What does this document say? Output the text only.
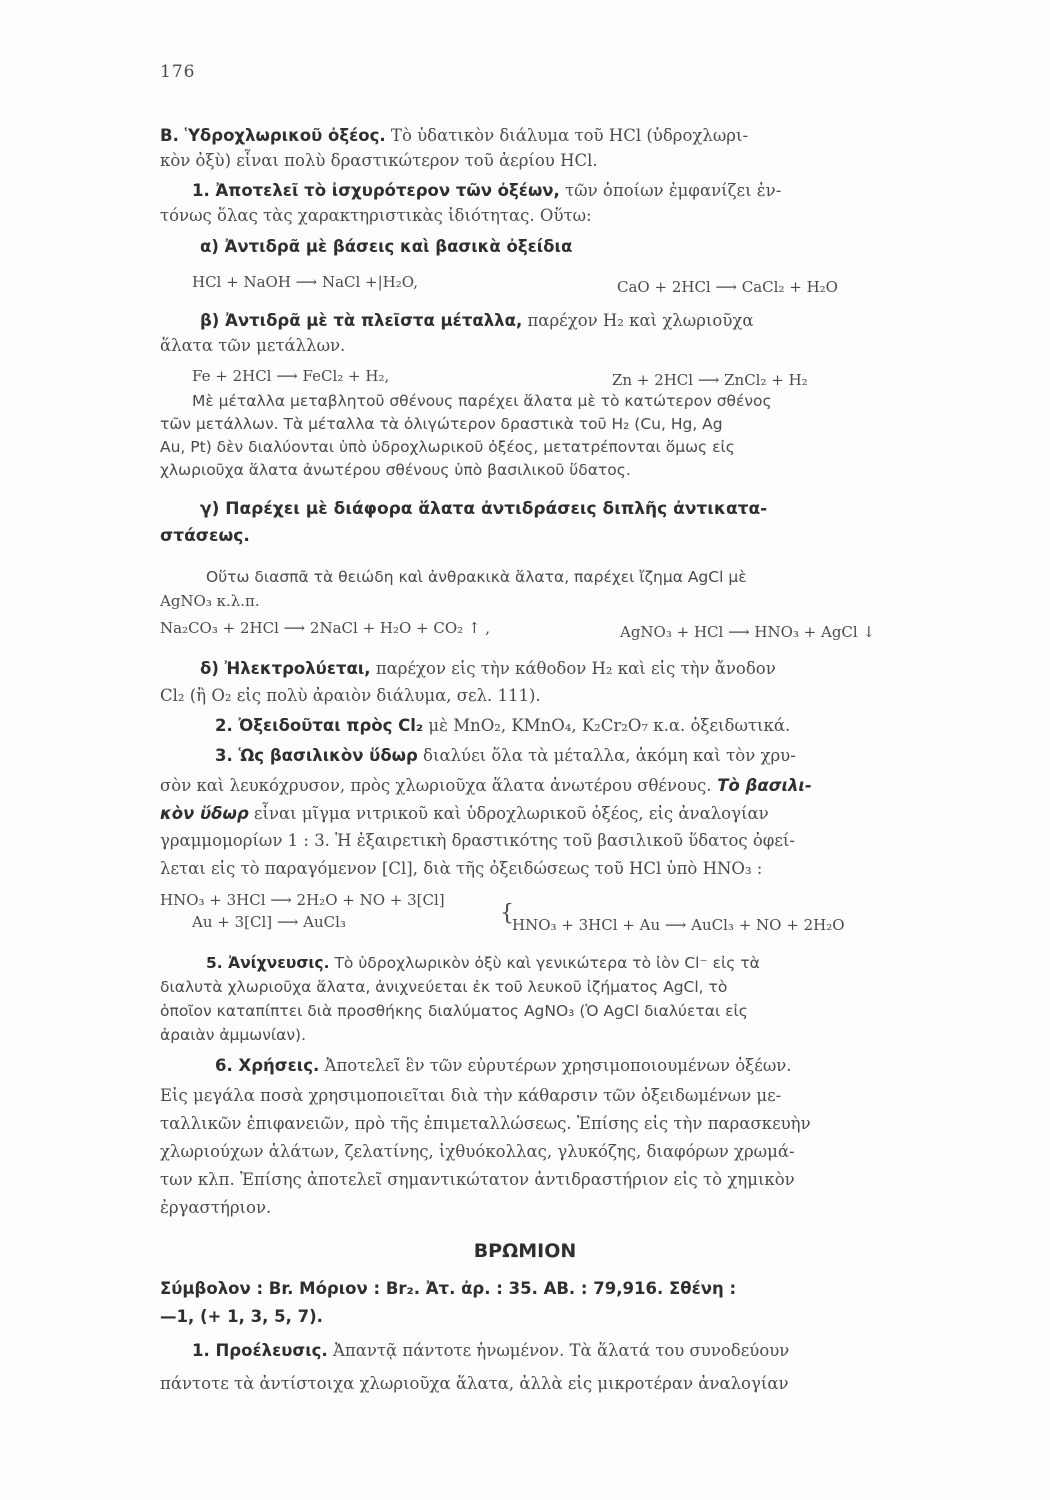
176
Β. Ὑδροχλωρικοῦ ὀξέος. Τὸ ὑδατικὸν διάλυμα τοῦ HCl (ὑδροχλωρι-
κὸν ὀξὺ) εἶναι πολὺ δραστικώτερον τοῦ ἀερίου HCl.
1. Ἀποτελεῖ τὸ ἰσχυρότερον τῶν ὀξέων, τῶν ὁποίων ἐμφανίζει ἐν-
τόνως ὅλας τὰς χαρακτηριστικὰς ἰδιότητας. Οὕτω:
α) Ἀντιδρᾶ μὲ βάσεις καὶ βασικὰ ὀξείδια
HCl + NaOH ⟶ NaCl +|H₂O,	CaO + 2HCl ⟶ CaCl₂ + H₂O
β) Ἀντιδρᾶ μὲ τὰ πλεῖστα μέταλλα, παρέχον H₂ καὶ χλωριοῦχα
ἅλατα τῶν μετάλλων.
Fe + 2HCl ⟶ FeCl₂ + H₂,	Zn + 2HCl ⟶ ZnCl₂ + H₂
Μὲ μέταλλα μεταβλητοῦ σθένους παρέχει ἅλατα μὲ τὸ κατώτερον σθένος
τῶν μετάλλων. Τὰ μέταλλα τὰ ὀλιγώτερον δραστικὰ τοῦ H₂ (Cu, Hg, Ag
Au, Pt) δὲν διαλύονται ὑπὸ ὑδροχλωρικοῦ ὀξέος, μετατρέπονται ὅμως εἰς
χλωριοῦχα ἅλατα ἀνωτέρου σθένους ὑπὸ βασιλικοῦ ὕδατος.
γ) Παρέχει μὲ διάφορα ἅλατα ἀντιδράσεις διπλῆς ἀντικατα-
στάσεως.
Οὕτω διασπᾶ τὰ θειώδη καὶ ἀνθρακικὰ ἅλατα, παρέχει ἴζημα AgCl μὲ
AgNO₃ κ.λ.π.
Na₂CO₃ + 2HCl ⟶ 2NaCl + H₂O + CO₂ ↑ ,	AgNO₃ + HCl ⟶ HNO₃ + AgCl ↓
δ) Ἠλεκτρολύεται, παρέχον εἰς τὴν κάθοδον H₂ καὶ εἰς τὴν ἄνοδον
Cl₂ (ἢ O₂ εἰς πολὺ ἀραιὸν διάλυμα, σελ. 111).
2. Ὀξειδοῦται πρὸς Cl₂ μὲ MnO₂, KMnO₄, K₂Cr₂O₇ κ.α. ὀξειδωτικά.
3. Ὡς βασιλικὸν ὕδωρ διαλύει ὅλα τὰ μέταλλα, ἀκόμη καὶ τὸν χρυ-
σὸν καὶ λευκόχρυσον, πρὸς χλωριοῦχα ἅλατα ἀνωτέρου σθένους. Τὸ βασιλι-
κὸν ὕδωρ εἶναι μῖγμα νιτρικοῦ καὶ ὑδροχλωρικοῦ ὀξέος, εἰς ἀναλογίαν
γραμμομορίων 1 : 3. Ἡ ἐξαιρετικὴ δραστικότης τοῦ βασιλικοῦ ὕδατος ὀφεί-
λεται εἰς τὸ παραγόμενον [Cl], διὰ τῆς ὀξειδώσεως τοῦ HCl ὑπὸ HNO₃ :
HNO₃ + 3HCl ⟶ 2H₂O + NO + 3[Cl]
Au + 3[Cl] ⟶ AuCl₃	{
HNO₃ + 3HCl + Au ⟶ AuCl₃ + NO + 2H₂O
5. Ἀνίχνευσις. Τὸ ὑδροχλωρικὸν ὀξὺ καὶ γενικώτερα τὸ ἰὸν Cl⁻ εἰς τὰ
διαλυτὰ χλωριοῦχα ἅλατα, ἀνιχνεύεται ἐκ τοῦ λευκοῦ ἰζήματος AgCl, τὸ
ὁποῖον καταπίπτει διὰ προσθήκης διαλύματος AgNO₃ (Ὁ AgCl διαλύεται εἰς
ἀραιὰν ἀμμωνίαν).
6. Χρήσεις. Ἀποτελεῖ ἓν τῶν εὐρυτέρων χρησιμοποιουμένων ὀξέων.
Εἰς μεγάλα ποσὰ χρησιμοποιεῖται διὰ τὴν κάθαρσιν τῶν ὀξειδωμένων με-
ταλλικῶν ἐπιφανειῶν, πρὸ τῆς ἐπιμεταλλώσεως. Ἐπίσης εἰς τὴν παρασκευὴν
χλωριούχων ἁλάτων, ζελατίνης, ἰχθυόκολλας, γλυκόζης, διαφόρων χρωμά-
των κλπ. Ἐπίσης ἀποτελεῖ σημαντικώτατον ἀντιδραστήριον εἰς τὸ χημικὸν
ἐργαστήριον.
ΒΡΩΜΙΟΝ
Σύμβολον : Br. Μόριον : Br₂. Ἀτ. ἀρ. : 35. ΑΒ. : 79,916. Σθένη :
—1, (+ 1, 3, 5, 7).
1. Προέλευσις. Ἀπαντᾷ πάντοτε ἡνωμένον. Τὰ ἅλατά του συνοδεύουν
πάντοτε τὰ ἀντίστοιχα χλωριοῦχα ἅλατα, ἀλλὰ εἰς μικροτέραν ἀναλογίαν
